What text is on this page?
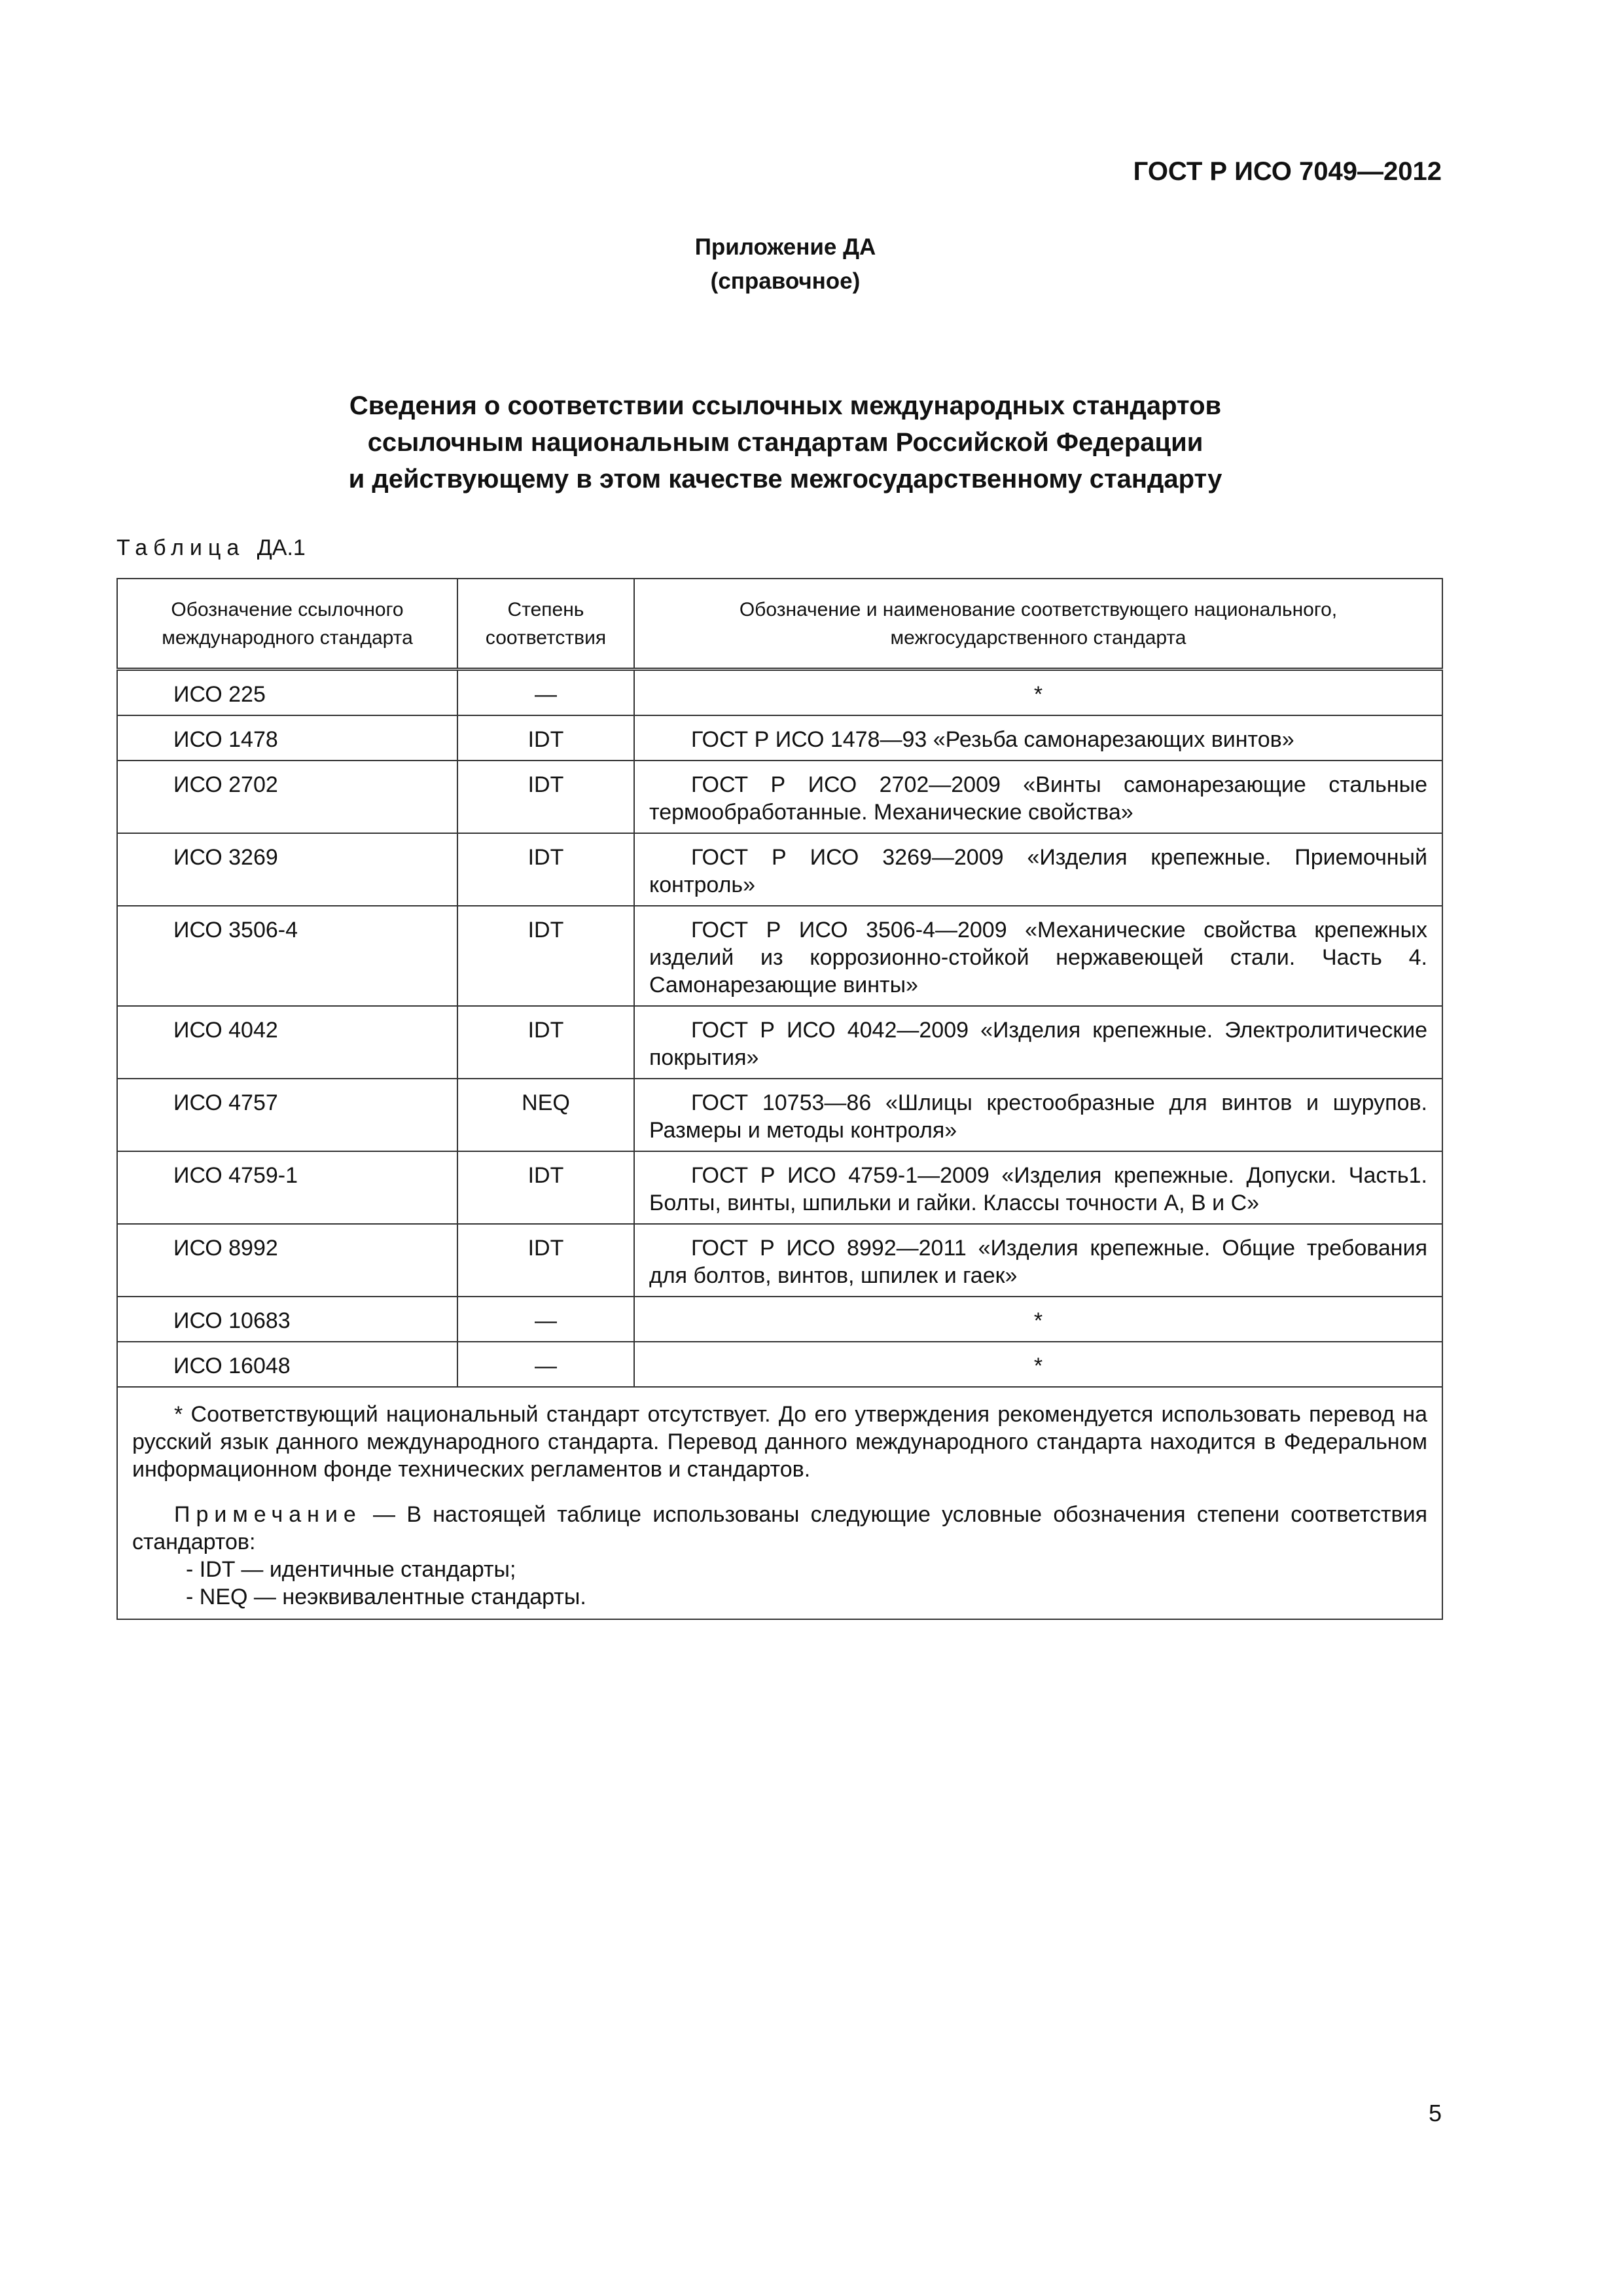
ГОСТ Р ИСО 7049—2012
Приложение ДА
(справочное)
Сведения о соответствии ссылочных международных стандартов
ссылочным национальным стандартам Российской Федерации
и действующему в этом качестве межгосударственному стандарту
Таблица ДА.1
Обозначение ссылочного международного стандарта	Степень соответствия	Обозначение и наименование соответствующего национального, межгосударственного стандарта
ИСО 225	—	*

ИСО 1478	IDT	ГОСТ Р ИСО 1478—93 «Резьба самонарезающих винтов»

ИСО 2702	IDT	ГОСТ Р ИСО 2702—2009 «Винты самонарезающие стальные термообработанные. Механические свойства»

ИСО 3269	IDT	ГОСТ Р ИСО 3269—2009 «Изделия крепежные. Приемочный контроль»

ИСО 3506-4	IDT	ГОСТ Р ИСО 3506-4—2009 «Механические свойства крепежных изделий из коррозионно-стойкой нержавеющей стали. Часть 4. Самонарезающие винты»

ИСО 4042	IDT	ГОСТ Р ИСО 4042—2009 «Изделия крепежные. Электролитические покрытия»

ИСО 4757	NEQ	ГОСТ 10753—86 «Шлицы крестообразные для винтов и шурупов. Размеры и методы контроля»

ИСО 4759-1	IDT	ГОСТ Р ИСО 4759-1—2009 «Изделия крепежные. Допуски. Часть1. Болты, винты, шпильки и гайки. Классы точности А, В и С»

ИСО 8992	IDT	ГОСТ Р ИСО 8992—2011 «Изделия крепежные. Общие требования для болтов, винтов, шпилек и гаек»

ИСО 10683	—	*

ИСО 16048	—	*

* Соответствующий национальный стандарт отсутствует. До его утверждения рекомендуется использовать перевод на русский язык данного международного стандарта. Перевод данного международного стандарта находится в Федеральном информационном фонде технических регламентов и стандартов.

Примечание — В настоящей таблице использованы следующие условные обозначения степени соответствия стандартов:

- IDT — идентичные стандарты;

- NEQ — неэквивалентные стандарты.		

5
